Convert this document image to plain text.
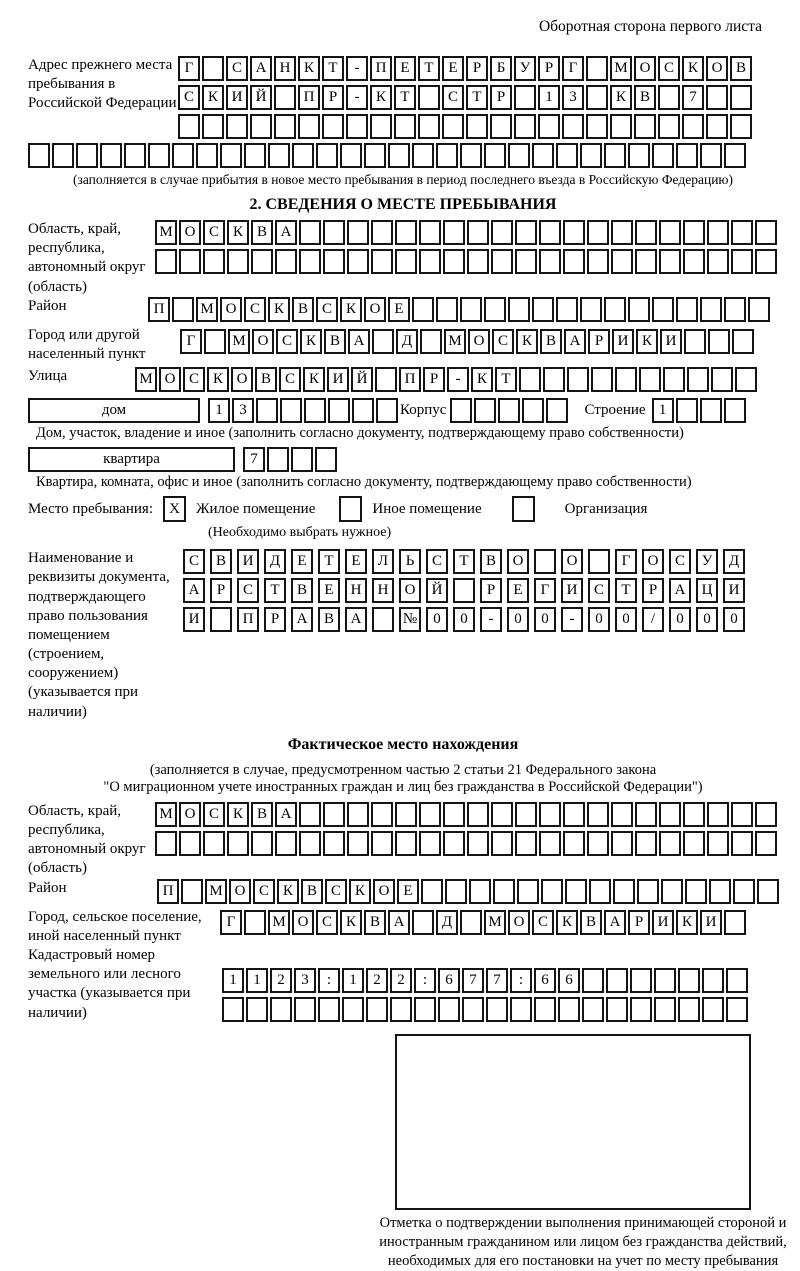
Оборотная сторона первого листа
Адрес прежнего места пребывания в Российской Федерации
Г	С А Н К Т	-	П Е Т Е	Р	Б У Р	Г	М О С К О В
С К И Й	П Р	-	К Т	С Т	Р	1	3	К В	7
(заполняется в случае прибытия в новое место пребывания в период последнего въезда в Российскую Федерацию)
2. СВЕДЕНИЯ О МЕСТЕ ПРЕБЫВАНИЯ
Область, край, республика, автономный округ (область)
М О С К В А
Район	П	М О С К В С К О Е
Город или другой населенный пункт
Г	М О С К В А	Д	М О С К В А Р И К И
Улица	М О С К О В С К И Й	П Р	-	К Т
дом	1	3	Корпус	Строение 1
Дом, участок, владение и иное (заполнить согласно документу, подтверждающему право собственности)
квартира	7
Квартира, комната, офис и иное (заполнить согласно документу, подтверждающему право собственности)
Место пребывания:	X	Жилое помещение	Иное помещение	Организация
(Необходимо выбрать нужное)
Наименование и реквизиты документа, подтверждающего право пользования помещением (строением, сооружением) (указывается при наличии)
С	В	И	Д	Е	Т	Е	Л	Ь	С	Т	В	О	О	Г	О	С	У	Д
А	Р	С	Т	В	Е	Н	Н	О	Й	Р	Е	Г	И	С	Т	Р	А	Ц	И
И	П	Р	А	В	А	№	0	0	-	0	0	-	0	0	/	0	0	0
Фактическое место нахождения
(заполняется в случае, предусмотренном частью 2 статьи 21 Федерального закона
"О миграционном учете иностранных граждан и лиц без гражданства в Российской Федерации")
Область, край, республика, автономный округ (область)
М О С К В А
Район	П	М О С К В С К О Е
Город, сельское поселение, иной населенный пункт
Г	М О С К В А	Д	М О С К В А Р И К И
Кадастровый номер земельного или лесного участка (указывается при наличии)
1	1	2	3	:	1	2	2	:	6	7	7	:	6	6
Отметка о подтверждении выполнения принимающей стороной и иностранным гражданином или лицом без гражданства действий, необходимых для его постановки на учет по месту пребывания
